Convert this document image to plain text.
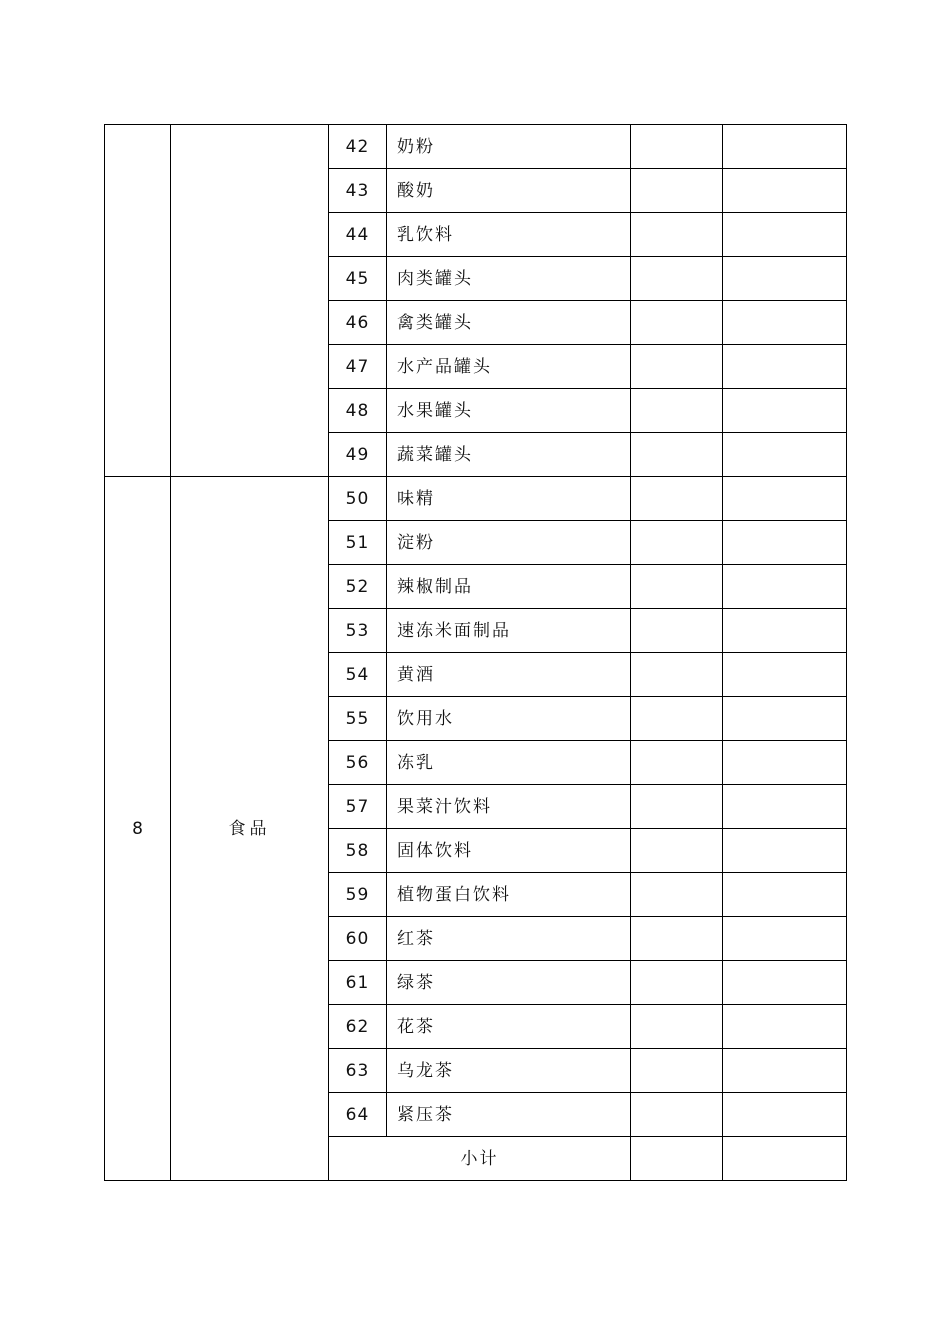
		42	奶粉		
		43	酸奶		
		44	乳饮料		
		45	肉类罐头		
		46	禽类罐头		
		47	水产品罐头		
		48	水果罐头		
		49	蔬菜罐头		
8	食品	50	味精		
		51	淀粉		
		52	辣椒制品		
		53	速冻米面制品		
		54	黄酒		
		55	饮用水		
		56	冻乳		
		57	果菜汁饮料		
		58	固体饮料		
		59	植物蛋白饮料		
		60	红茶		
		61	绿茶		
		62	花茶		
		63	乌龙茶		
		64	紧压茶		
		小计			
